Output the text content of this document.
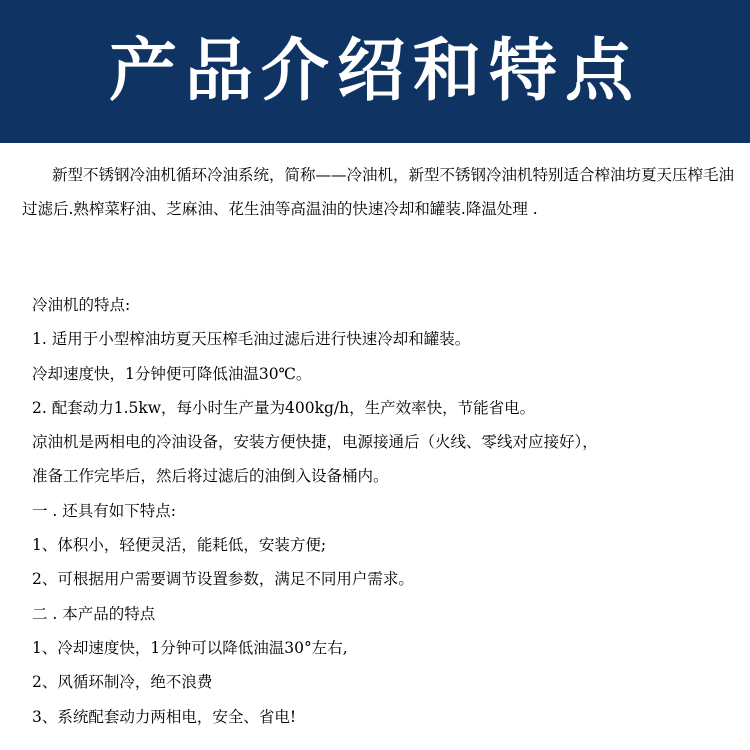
产品介绍和特点

新型不锈钢冷油机循环冷油系统，简称——冷油机，新型不锈钢冷油机特别适合榨油坊夏天压榨毛油过滤后.熟榨菜籽油、芝麻油、花生油等高温油的快速冷却和罐装.降温处理 .

冷油机的特点:
1. 适用于小型榨油坊夏天压榨毛油过滤后进行快速冷却和罐装。
冷却速度快，1分钟便可降低油温30℃。
2. 配套动力1.5kw，每小时生产量为400kg/h，生产效率快，节能省电。
凉油机是两相电的冷油设备，安装方便快捷，电源接通后（火线、零线对应接好），
准备工作完毕后，然后将过滤后的油倒入设备桶内。
一 . 还具有如下特点:
1、体积小，轻便灵活，能耗低，安装方便;
2、可根据用户需要调节设置参数，满足不同用户需求。
二 . 本产品的特点
1、冷却速度快，1分钟可以降低油温30°左右,
2、风循环制冷，绝不浪费
3、系统配套动力两相电，安全、省电!
